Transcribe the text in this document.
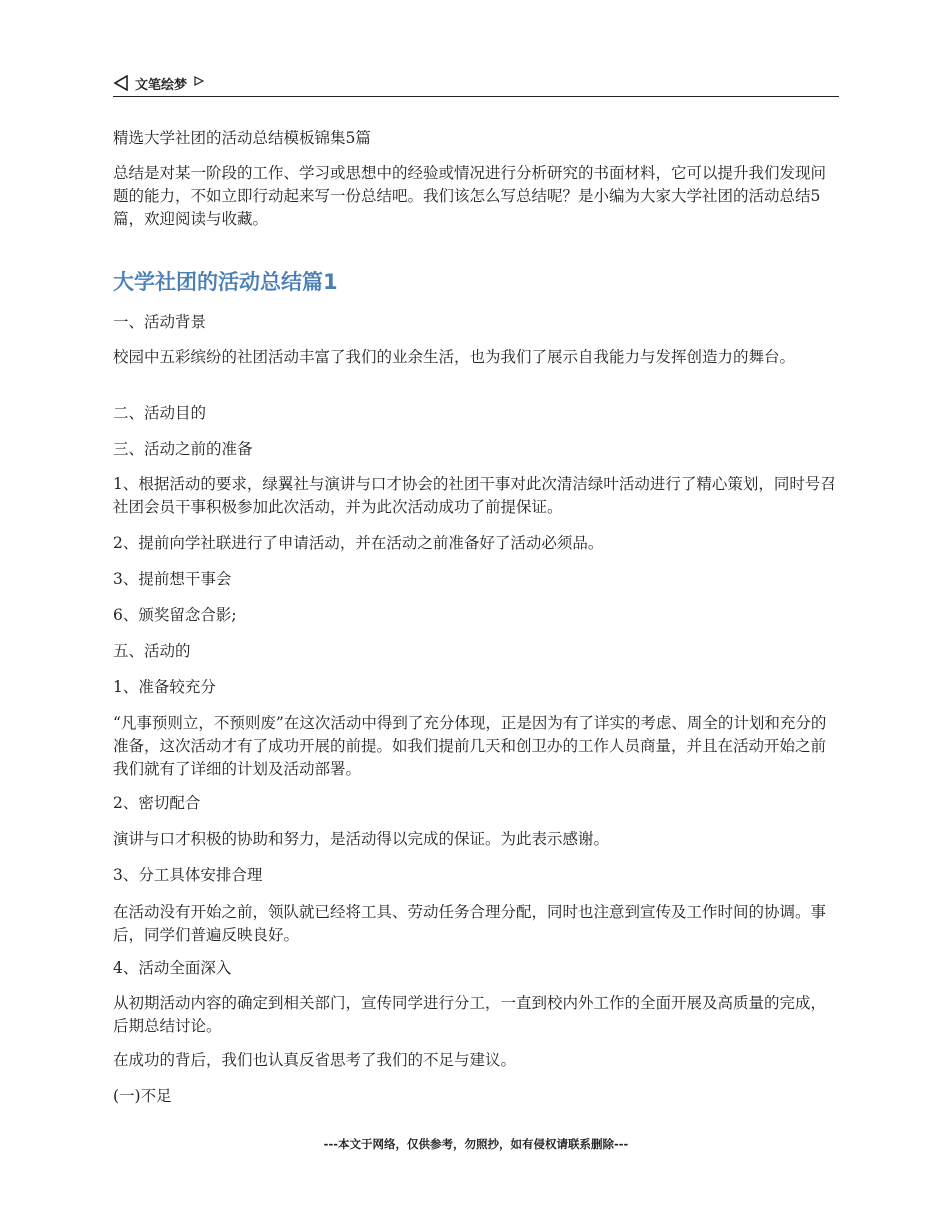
文笔绘梦
精选大学社团的活动总结模板锦集5篇

总结是对某一阶段的工作、学习或思想中的经验或情况进行分析研究的书面材料，它可以提升我们发现问题的能力，不如立即行动起来写一份总结吧。我们该怎么写总结呢？是小编为大家大学社团的活动总结5篇，欢迎阅读与收藏。

大学社团的活动总结篇1

一、活动背景

校园中五彩缤纷的社团活动丰富了我们的业余生活，也为我们了展示自我能力与发挥创造力的舞台。

二、活动目的

三、活动之前的准备

1、根据活动的要求，绿翼社与演讲与口才协会的社团干事对此次清洁绿叶活动进行了精心策划，同时号召社团会员干事积极参加此次活动，并为此次活动成功了前提保证。

2、提前向学社联进行了申请活动，并在活动之前准备好了活动必须品。

3、提前想干事会

6、颁奖留念合影;

五、活动的

1、准备较充分

“凡事预则立，不预则废”在这次活动中得到了充分体现，正是因为有了详实的考虑、周全的计划和充分的准备，这次活动才有了成功开展的前提。如我们提前几天和创卫办的工作人员商量，并且在活动开始之前我们就有了详细的计划及活动部署。

2、密切配合

演讲与口才积极的协助和努力，是活动得以完成的保证。为此表示感谢。

3、分工具体安排合理

在活动没有开始之前，领队就已经将工具、劳动任务合理分配，同时也注意到宣传及工作时间的协调。事后，同学们普遍反映良好。

4、活动全面深入

从初期活动内容的确定到相关部门，宣传同学进行分工，一直到校内外工作的全面开展及高质量的完成，后期总结讨论。

在成功的背后，我们也认真反省思考了我们的不足与建议。

(一)不足

---本文于网络，仅供参考，勿照抄，如有侵权请联系删除---
